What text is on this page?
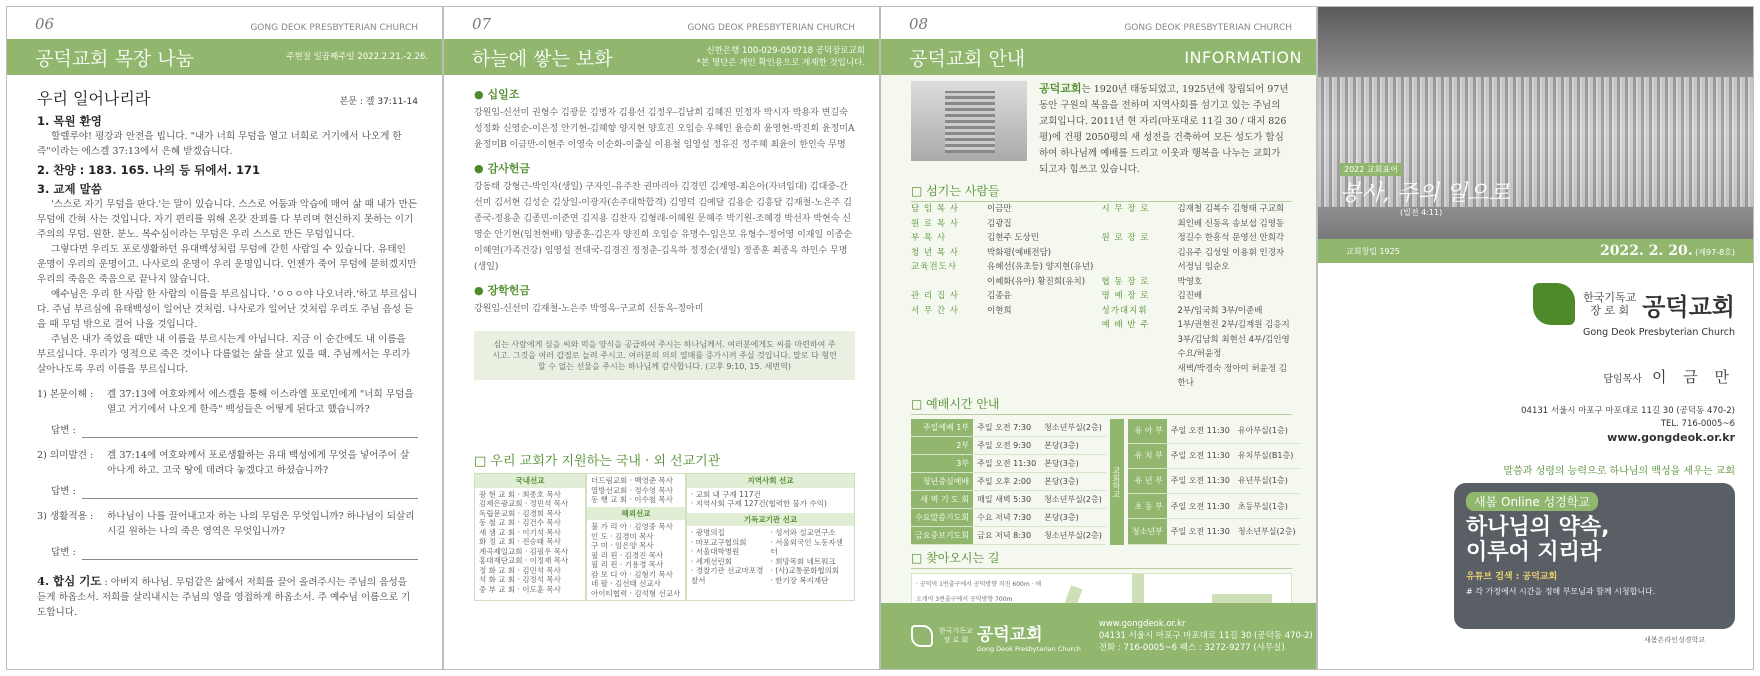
06	GONG DEOK PRESBYTERIAN CHURCH
공덕교회 목장 나눔	주현절 일곱째주일 2022.2.21.-2.26.
우리 일어나리라	본문 : 겔 37:11-14
1. 목원 환영
할렐루야! 평강과 안전을 빕니다. "내가 너희 무덤을 열고 너희로 거기에서 나오게 한즉"이라는 에스겔 37:13에서 은혜 받겠습니다.
2. 찬양 : 183. 165. 나의 등 뒤에서. 171
3. 교제 말씀
'스스로 자기 무덤을 판다.'는 말이 있습니다. 스스로 어둠과 악습에 매여 삶 때 내가 만든 무덤에 간혀 사는 것입니다. 자기 편리를 위해 온갖 잔꾀를 다 부리며 현신하지 못하는 이기주의의 무덤. 원한. 분노. 복수심이라는 무덤은 우리 스스로 만든 무덤입니다.
그렇다면 우리도 포로생활하던 유대백성처럼 무덤에 갇힌 사람일 수 있습니다. 유태인 운명이 우리의 운명이고. 나사로의 운명이 우리 운명입니다. 언젠가 죽어 무덤에 묻히겠지만 우리의 죽음은 죽음으로 끝나지 않습니다.
예수님은 우리 한 사람 한 사람의 이름을 부르십니다. 'ㅇㅇㅇ야 나오너라.'하고 부르십니다. 주님 부르심에 유태백성이 일어난 것처럼. 나사로가 일어난 것처럼 우리도 주님 음성 듣을 때 무덤 밖으로 걸어 나올 것입니다.
주님은 내가 죽었을 때만 내 이름을 부르시는게 아닙니다. 지금 이 순간에도 내 이름을 부르십니다. 우리가 영적으로 죽은 것이나 다름없는 삶을 살고 있을 때. 주님께서는 우리가 살아나도록 우리 이름을 부르십니다.
1) 본문이해 :	겔 37:13에 여호와께서 에스겔을 통해 이스라엘 포로민에게 "너희 무덤을 열고 거기에서 나오게 한즉" 백성들은 어떻게 된다고 했습니까?
답변 :
2) 의미발견 :	겔 37:14에 여호와께서 포로생활하는 유대 백성에게 무엇을 넣어주어 살아나게 하고. 고국 땅에 데려다 놓겠다고 하셨습니까?
답변 :
3) 생활적용 :	하나님이 나를 끌어내고자 하는 나의 무덤은 무엇입니까? 하나님이 되살리시길 원하는 나의 죽은 영역은 무엇입니까?
답변 :
4. 합심 기도 : 아버지 하나님. 무덤같은 삶에서 저희를 끌어 올려주시는 주님의 음성을 듣게 하옵소서. 저희를 살리내시는 주님의 영을 영접하게 하옵소서. 주 예수님 이름으로 기도합니다.
07	GONG DEOK PRESBYTERIAN CHURCH
하늘에 쌓는 보화	신한은행 100-029-050718 공덕장로교회
*본 명단은 개인 확인용으로 게재한 것입니다.
● 십일조

강원임-신선미 권형수 김광문 김병자 김용선 김정우-김남희 김혜진 민정자 박시자 박용자 변길숙 성정화 신영순-이은정 안기현-김혜향 양지현 양호진 오임승 우혜인 윤승희 윤영현-박진희 윤정미A 윤정미B 이금만-이현주 이영숙 이순화-이출실 이용철 임영설 정유진 정주혜 최윤이 한인숙 무명

● 감사헌금

강동태 강형근-박인자(생일) 구자인-유주찬 권마리아 김경민 김계영-최은아(자녀입대) 김대중-간선미 김서현 김성순 김상일-이광자(손주대학합격) 김영덕 김예달 김용순 김흥달 김재철-노은주 김종국-정용춘 김종민-이준연 김지용 김찬자 김형래-이혜원 문혜주 박기원-조혜경 박선자 박현숙 신영순 안기현(임천현배) 양종훈-김은자 양진희 오임승 유명수-임은모 유형수-정어영 이재일 이종순 이혜연(가족건강) 임영설 전대국-김경진 정정춘-김옥하 정정순(생일) 정종훈 최종옥 하인수 무명(생일)

● 장학헌금

강원임-신선미 김재철-노은주 박영옥-구교희 신동옥-정아미

심는 사람에게 심을 씨와 먹을 양식을 공급하여 주시는 하나님께서. 여러분에게도 씨를 마련하여 주시고. 그것을 여러 갑절로 늘려 주시고. 여러분의 의의 열매를 증가시켜 주실 것입니다. 말로 다 형언할 수 없는 선물을 주시는 하나님께 감사합니다. (고후 9:10, 15. 새번역)
□ 우리 교회가 지원하는 국내 · 외 선교기관
국내선교
광 현 교 회 · 최종호 목사
김제은광교회 · 정민석 목사
독립문교회 · 김경희 목사
동 철 교 회 · 김건수 목사
새 샘 교 회 · 이기석 목사
화 정 교 회 · 진승태 목사
계곡제일교회 · 김필우 목사
홍대재단교회 · 이정재 목사
정 화 교 회 · 김민석 목사
석 화 교 회 · 김정석 목사
중 부 교 회 · 이도훈 목사
더드림교회 · 백영준 목사
열방선교회 · 정수영 목사
동 행 교 회 · 이수철 목사
해외선교
불 가 리 아 · 김영중 목사
인 도 · 김경미 목사
구 미 · 임은양 목사
필 리 핀 · 김경진 목사
필 리 핀 · 기용경 목사
캄 보 디 아 · 김형기 목사
네 팔 · 김선태 선교사
아이티협력 · 김석형 선교사
지역사회 선교
· 교회 내 구제 117건
· 지역사회 구제 127건(협력한 물가 수익)
기독교기관 선교
· 광명의집
· 마포교구협의회
· 서울대학병원
· 세계선린회
· 경찰기관 선교마포경찰서
· 성서와 설교연구소
· 서울외국인 노동자센터
· 희망목회 네트워크
· (사)교통문화협의회
· 한기장 복지재단
08	GONG DEOK PRESBYTERIAN CHURCH
공덕교회 안내	INFORMATION
공덕교회는 1920년 태동되었고, 1925년에 창립되어 97년 동안 구원의 복음을 전하며 지역사회를 섬기고 있는 주님의 교회입니다. 2011년 현 자리(마포대로 11길 30 / 대지 826평)에 건평 2050평의 새 성전을 건축하여 모든 성도가 합심하여 하나님께 예배를 드리고 이웃과 행복을 나누는 교회가 되고자 힘쓰고 있습니다.
□ 섬기는 사람들
담 임 목 사	이금만
원 로 목 사	김광집
부 목 사	김현주 도상민
청 년 목 사	박화평(예배전담)
교육전도사	유혜선(유초등) 양지현(유년)
이혜화(유아) 황진희(유치)
관 리 집 사	김종윤
서 무 간 사	이현희
시 무 장 로	김재철 김복수 김형태 구교희
최인배 신동옥 송보섭 김영동
원 로 장 로	정길수 한흥석 문영선 안희각
김유주 김성일 이용휘 인경자
서정님 임순오
협 동 장 로	박영호
명 예 장 로	김진배
성가대지휘	2부/임국희 3부/이준배
예 배 반 주	1부/권현진 2부/김계원 김응지
3부/김남희 최현선 4부/김인영 수요/허윤정
새벽/박경숙 정아미 허윤정 김한나
□ 예배시간 안내
주일예배 1부	주일 오전 7:30	청소년부실(2층)
2부	주일 오전 9:30	본당(3층)
3부	주일 오전 11:30	본당(3층)
청년중심예배	주일 오후 2:00	본당(3층)
새 벽 기 도 회	매일 새벽 5:30	청소년부실(2층)
수요말씀기도회	수요 저녁 7:30	본당(3층)
금요중보기도회	금요 저녁 8:30	청소년부실(2층)
교회학교
유 아 부	주일 오전 11:30	유아부실(1층)
유 치 부	주일 오전 11:30	유치부실(B1층)
유 년 부	주일 오전 11:30	유년부실(1층)
초 등 부	주일 오전 11:30	초등부실(1층)
청소년부	주일 오전 11:30	청소년부실(2층)
□ 찾아오시는 길
· 공덕역 1번출구에서 공덕방향 직진 600m · 애오개역 3번출구에서 공덕방향 700m
한국기독교
장 로 회 공덕교회
Gong Deok Presbyterian Church
www.gongdeok.or.kr
04131 서울시 마포구 마포대로 11길 30 (공덕동 470-2)
전화 : 716-0005~6 팩스 : 3272-9277 (사무실)
2022 교회표어
봉사, 주의 일으로
(빌전 4:11)
교회창립 1925	2022. 2. 20. (제97-8호)
한국기독교
장 로 회 공덕교회
Gong Deok Presbyterian Church
담임목사 이 금 만
04131 서울시 마포구 마포대로 11길 30 (공덕동 470-2)
TEL. 716-0005~6
www.gongdeok.or.kr
말씀과 성령의 능력으로 하나님의 백성을 세우는 교회
새봄 Online 성경학교
하나님의 약속,
이루어 지리라
유튜브 검색 : 공덕교회
# 각 가정에서 시간을 정해 부모님과 함께 시청합니다.
새봄온라인성경학교
